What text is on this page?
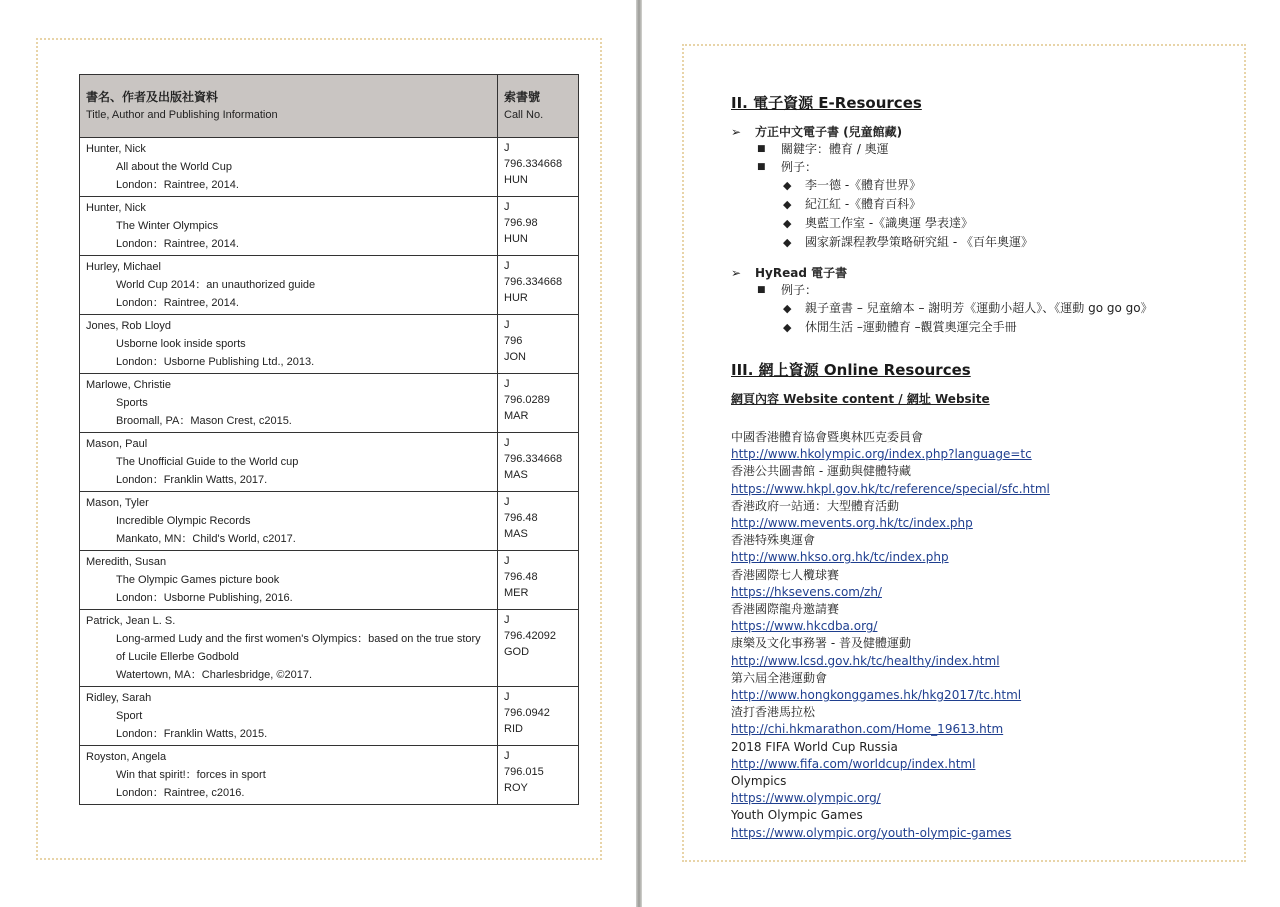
書名、作者及出版社資料
Title, Author and Publishing Information	索書號
Call No.

Hunter, Nick
All about the World Cup
London：Raintree, 2014.	J
796.334668
HUN

Hunter, Nick
The Winter Olympics
London：Raintree, 2014.	J
796.98
HUN

Hurley, Michael
World Cup 2014：an unauthorized guide
London：Raintree, 2014.	J
796.334668
HUR

Jones, Rob Lloyd
Usborne look inside sports
London：Usborne Publishing Ltd., 2013.	J
796
JON

Marlowe, Christie
Sports
Broomall, PA：Mason Crest, c2015.	J
796.0289
MAR

Mason, Paul
The Unofficial Guide to the World cup
London：Franklin Watts, 2017.	J
796.334668
MAS

Mason, Tyler
Incredible Olympic Records
Mankato, MN：Child's World, c2017.	J
796.48
MAS

Meredith, Susan
The Olympic Games picture book
London：Usborne Publishing, 2016.	J
796.48
MER

Patrick, Jean L. S.
Long-armed Ludy and the first women's Olympics：based on the true story of Lucile Ellerbe Godbold
Watertown, MA：Charlesbridge, ©2017.	J
796.42092
GOD

Ridley, Sarah
Sport
London：Franklin Watts, 2015.	J
796.0942
RID

Royston, Angela
Win that spirit!：forces in sport
London：Raintree, c2016.	J
796.015
ROY
II. 電子資源 E-Resources
➢	方正中文電子書 (兒童館藏)
■	關鍵字：體育 / 奧運
■	例子：
◆	李一德 -《體育世界》
◆	紀江紅 -《體育百科》
◆	奧藍工作室 -《識奧運 學表達》
◆	國家新課程教學策略研究組 - 《百年奧運》
➢	HyRead 電子書
■	例子：
◆	親子童書 – 兒童繪本 – 謝明芳《運動小超人》、《運動 go go go》
◆	休閒生活 –運動體育 –觀賞奧運完全手冊
III. 網上資源 Online Resources
網頁內容 Website content / 網址 Website
中國香港體育協會暨奧林匹克委員會
http://www.hkolympic.org/index.php?language=tc
香港公共圖書館 - 運動與健體特藏
https://www.hkpl.gov.hk/tc/reference/special/sfc.html
香港政府一站通：大型體育活動
http://www.mevents.org.hk/tc/index.php
香港特殊奧運會
http://www.hkso.org.hk/tc/index.php
香港國際七人欖球賽
https://hksevens.com/zh/
香港國際龍舟邀請賽
https://www.hkcdba.org/
康樂及文化事務署 - 普及健體運動
http://www.lcsd.gov.hk/tc/healthy/index.html
第六屆全港運動會
http://www.hongkonggames.hk/hkg2017/tc.html
渣打香港馬拉松
http://chi.hkmarathon.com/Home_19613.htm
2018 FIFA World Cup Russia
http://www.fifa.com/worldcup/index.html
Olympics
https://www.olympic.org/
Youth Olympic Games
https://www.olympic.org/youth-olympic-games
